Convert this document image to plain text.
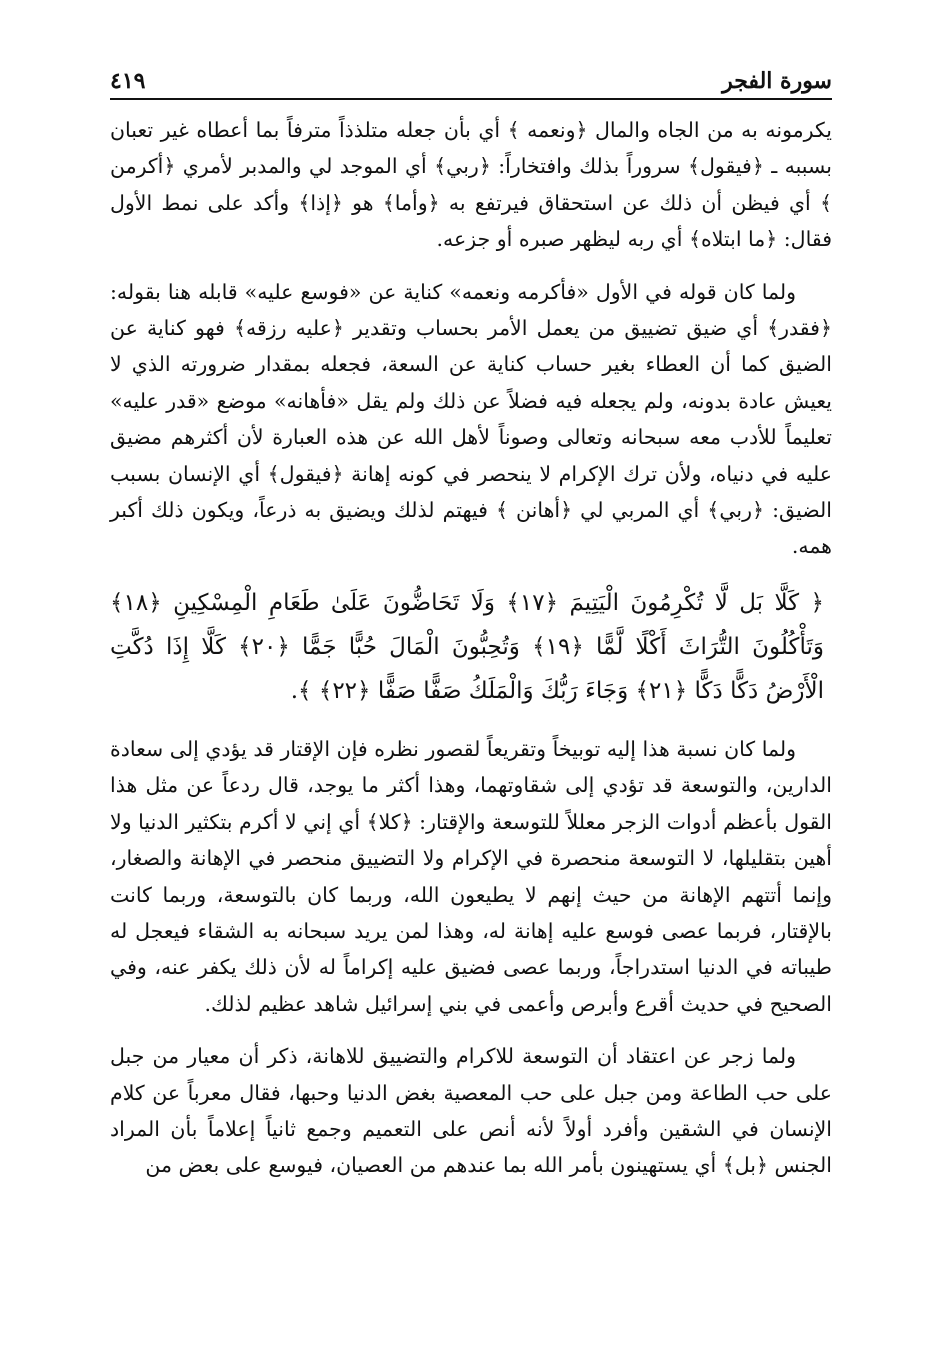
سورة الفجر
٤١٩

يكرمونه به من الجاه والمال ﴿ونعمه ﴾ أي بأن جعله متلذذاً مترفاً بما أعطاه غير تعبان بسببه ـ ﴿فيقول﴾ سروراً بذلك وافتخاراً: ﴿ربي﴾ أي الموجد لي والمدبر لأمري ﴿أكرمن ﴾ أي فيظن أن ذلك عن استحقاق فيرتفع به ﴿وأما﴾ هو ﴿إذا﴾ وأكد على نمط الأول فقال: ﴿ما ابتلاه﴾ أي ربه ليظهر صبره أو جزعه.

ولما كان قوله في الأول «فأكرمه ونعمه» كناية عن «فوسع عليه» قابله هنا بقوله: ﴿فقدر﴾ أي ضيق تضييق من يعمل الأمر بحساب وتقدير ﴿عليه رزقه﴾ فهو كناية عن الضيق كما أن العطاء بغير حساب كناية عن السعة، فجعله بمقدار ضرورته الذي لا يعيش عادة بدونه، ولم يجعله فيه فضلاً عن ذلك ولم يقل «فأهانه» موضع «قدر عليه» تعليماً للأدب معه سبحانه وتعالى وصوناً لأهل الله عن هذه العبارة لأن أكثرهم مضيق عليه في دنياه، ولأن ترك الإكرام لا ينحصر في كونه إهانة ﴿فيقول﴾ أي الإنسان بسبب الضيق: ﴿ربي﴾ أي المربي لي ﴿أهانن ﴾ فيهتم لذلك ويضيق به ذرعاً، ويكون ذلك أكبر همه.

﴿ كَلَّا بَل لَّا تُكْرِمُونَ الْيَتِيمَ ﴿١٧﴾ وَلَا تَحَاضُّونَ عَلَىٰ طَعَامِ الْمِسْكِينِ ﴿١٨﴾ وَتَأْكُلُونَ التُّرَاثَ أَكْلًا لَّمًّا ﴿١٩﴾ وَتُحِبُّونَ الْمَالَ حُبًّا جَمًّا ﴿٢٠﴾ كَلَّا إِذَا دُكَّتِ الْأَرْضُ دَكًّا دَكًّا ﴿٢١﴾ وَجَاءَ رَبُّكَ وَالْمَلَكُ صَفًّا صَفًّا ﴿٢٢﴾ ﴾.

ولما كان نسبة هذا إليه توبيخاً وتقريعاً لقصور نظره فإن الإقتار قد يؤدي إلى سعادة الدارين، والتوسعة قد تؤدي إلى شقاوتهما، وهذا أكثر ما يوجد، قال ردعاً عن مثل هذا القول بأعظم أدوات الزجر معللاً للتوسعة والإقتار: ﴿كلا﴾ أي إني لا أكرم بتكثير الدنيا ولا أهين بتقليلها، لا التوسعة منحصرة في الإكرام ولا التضييق منحصر في الإهانة والصغار، وإنما أتتهم الإهانة من حيث إنهم لا يطيعون الله، وربما كان بالتوسعة، وربما كانت بالإقتار، فربما عصى فوسع عليه إهانة له، وهذا لمن يريد سبحانه به الشقاء فيعجل له طيباته في الدنيا استدراجاً، وربما عصى فضيق عليه إكراماً له لأن ذلك يكفر عنه، وفي الصحيح في حديث أقرع وأبرص وأعمى في بني إسرائيل شاهد عظيم لذلك.

ولما زجر عن اعتقاد أن التوسعة للاكرام والتضييق للاهانة، ذكر أن معيار من جبل على حب الطاعة ومن جبل على حب المعصية بغض الدنيا وحبها، فقال معرباً عن كلام الإنسان في الشقين وأفرد أولاً لأنه أنص على التعميم وجمع ثانياً إعلاماً بأن المراد الجنس ﴿بل﴾ أي يستهينون بأمر الله بما عندهم من العصيان، فيوسع على بعض من
